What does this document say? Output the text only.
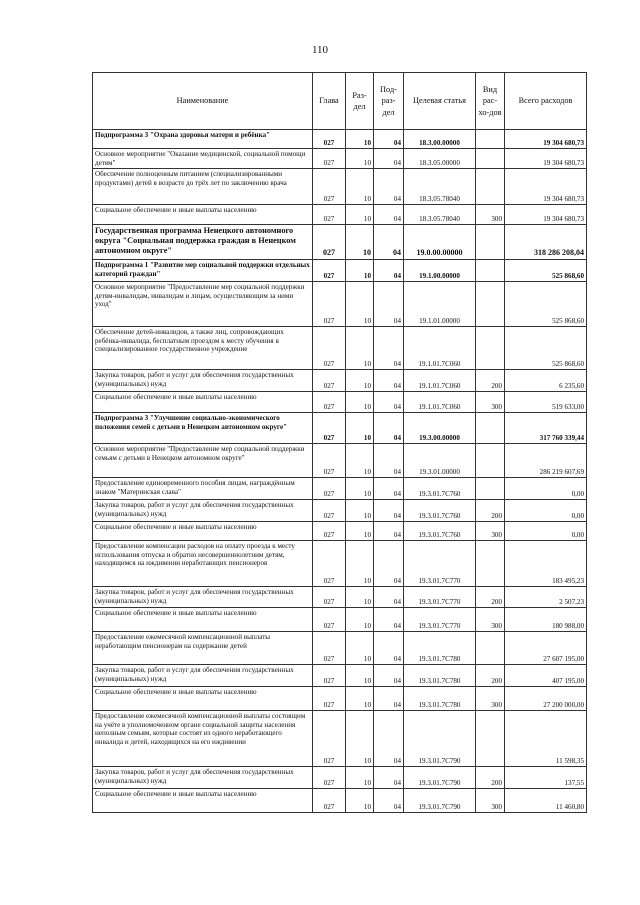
110
Наименование	Глава	Раз-дел	Под-раз-дел	Целевая статья	Вид рас-хо-дов	Всего расходов
Подпрограмма 3 "Охрана здоровья матери и ребёнка"	027	10	04	18.3.00.00000		19 304 680,73
Основное мероприятие "Оказание медицинской, социальной помощи детям"	027	10	04	18.3.05.00000		19 304 680,73
Обеспечение полноценным питанием (специализированными продуктами) детей в возрасте до трёх лет по заключению врача	027	10	04	18.3.05.78040		19 304 680,73
Социальное обеспечение и иные выплаты населению	027	10	04	18.3.05.78040	300	19 304 680,73
Государственная программа Ненецкого автономного округа "Социальная поддержка граждан в Ненецком автономном округе"	027	10	04	19.0.00.00000		318 286 208,04
Подпрограмма 1 "Развитие мер социальной поддержки отдельных категорий граждан"	027	10	04	19.1.00.00000		525 868,60
Основное мероприятие "Предоставление мер социальной поддержки детям-инвалидам, инвалидам и лицам, осуществляющим за ними уход"	027	10	04	19.1.01.00000		525 868,60
Обеспечение детей-инвалидов, а также лиц, сопровождающих ребёнка-инвалида, бесплатным проездом к месту обучения в специализированное государственное учреждение	027	10	04	19.1.01.7С060		525 868,60
Закупка товаров, работ и услуг для обеспечения государственных (муниципальных) нужд	027	10	04	19.1.01.7С060	200	6 235,60
Социальное обеспечение и иные выплаты населению	027	10	04	19.1.01.7С060	300	519 633,00
Подпрограмма 3 "Улучшение социально-экономического положения семей с детьми в Ненецком автономном округе"	027	10	04	19.3.00.00000		317 760 339,44
Основное мероприятие "Предоставление мер социальной поддержки семьям с детьми в Ненецком автономном округе"	027	10	04	19.3.01.00000		286 219 607,69
Предоставление единовременного пособия лицам, награждённым знаком "Материнская слава"	027	10	04	19.3.01.7С760		0,00
Закупка товаров, работ и услуг для обеспечения государственных (муниципальных) нужд	027	10	04	19.3.01.7С760	200	0,00
Социальное обеспечение и иные выплаты населению	027	10	04	19.3.01.7С760	300	0,00
Предоставление компенсации расходов на оплату проезда к месту использования отпуска и обратно несовершеннолетним детям, находящимся на иждивении неработающих пенсионеров	027	10	04	19.3.01.7С770		183 495,23
Закупка товаров, работ и услуг для обеспечения государственных (муниципальных) нужд	027	10	04	19.3.01.7С770	200	2 507,23
Социальное обеспечение и иные выплаты населению	027	10	04	19.3.01.7С770	300	180 988,00
Предоставление ежемесячной компенсационной выплаты неработающим пенсионерам на содержание детей	027	10	04	19.3.01.7С780		27 607 195,00
Закупка товаров, работ и услуг для обеспечения государственных (муниципальных) нужд	027	10	04	19.3.01.7С780	200	407 195,00
Социальное обеспечение и иные выплаты населению	027	10	04	19.3.01.7С780	300	27 200 000,00
Предоставление ежемесячной компенсационной выплаты состоящим на учёте в уполномоченном органе социальной защиты населения неполным семьям, которые состоят из одного неработающего инвалида и детей, находящихся на его иждивении	027	10	04	19.3.01.7С790		11 598,35
Закупка товаров, работ и услуг для обеспечения государственных (муниципальных) нужд	027	10	04	19.3.01.7С790	200	137,55
Социальное обеспечение и иные выплаты населению	027	10	04	19.3.01.7С790	300	11 460,80
